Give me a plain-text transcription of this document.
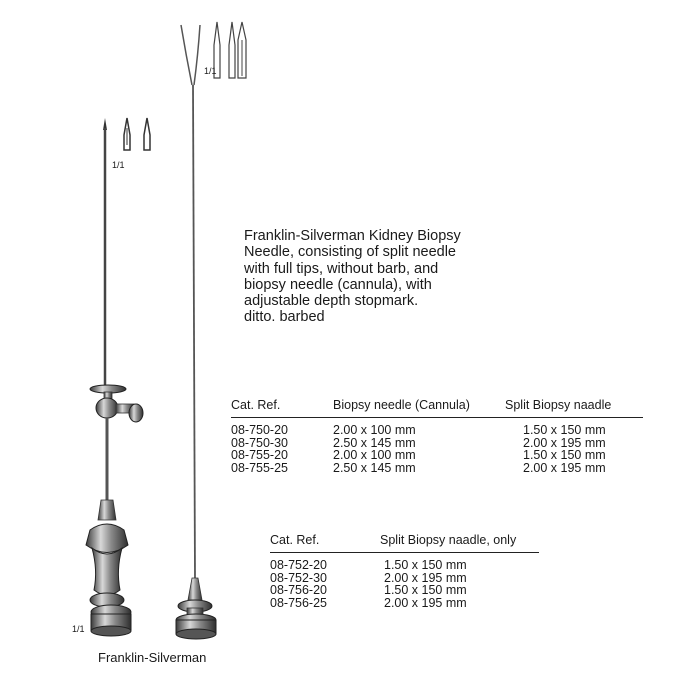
1/1
1/1
1/1
Franklin-Silverman
Franklin-Silverman Kidney Biopsy
Needle, consisting of split needle
with full tips, without barb, and
biopsy needle (cannula), with
adjustable depth stopmark.
ditto. barbed
Cat. Ref.	Biopsy needle (Cannula)	Split Biopsy naadle
08-750-20	2.00 x 100 mm	1.50 x 150 mm
08-750-30	2.50 x 145 mm	2.00 x 195 mm
08-755-20	2.00 x 100 mm	1.50 x 150 mm
08-755-25	2.50 x 145 mm	2.00 x 195 mm
Cat. Ref.	Split Biopsy naadle, only
08-752-20	1.50 x 150 mm
08-752-30	2.00 x 195 mm
08-756-20	1.50 x 150 mm
08-756-25	2.00 x 195 mm
